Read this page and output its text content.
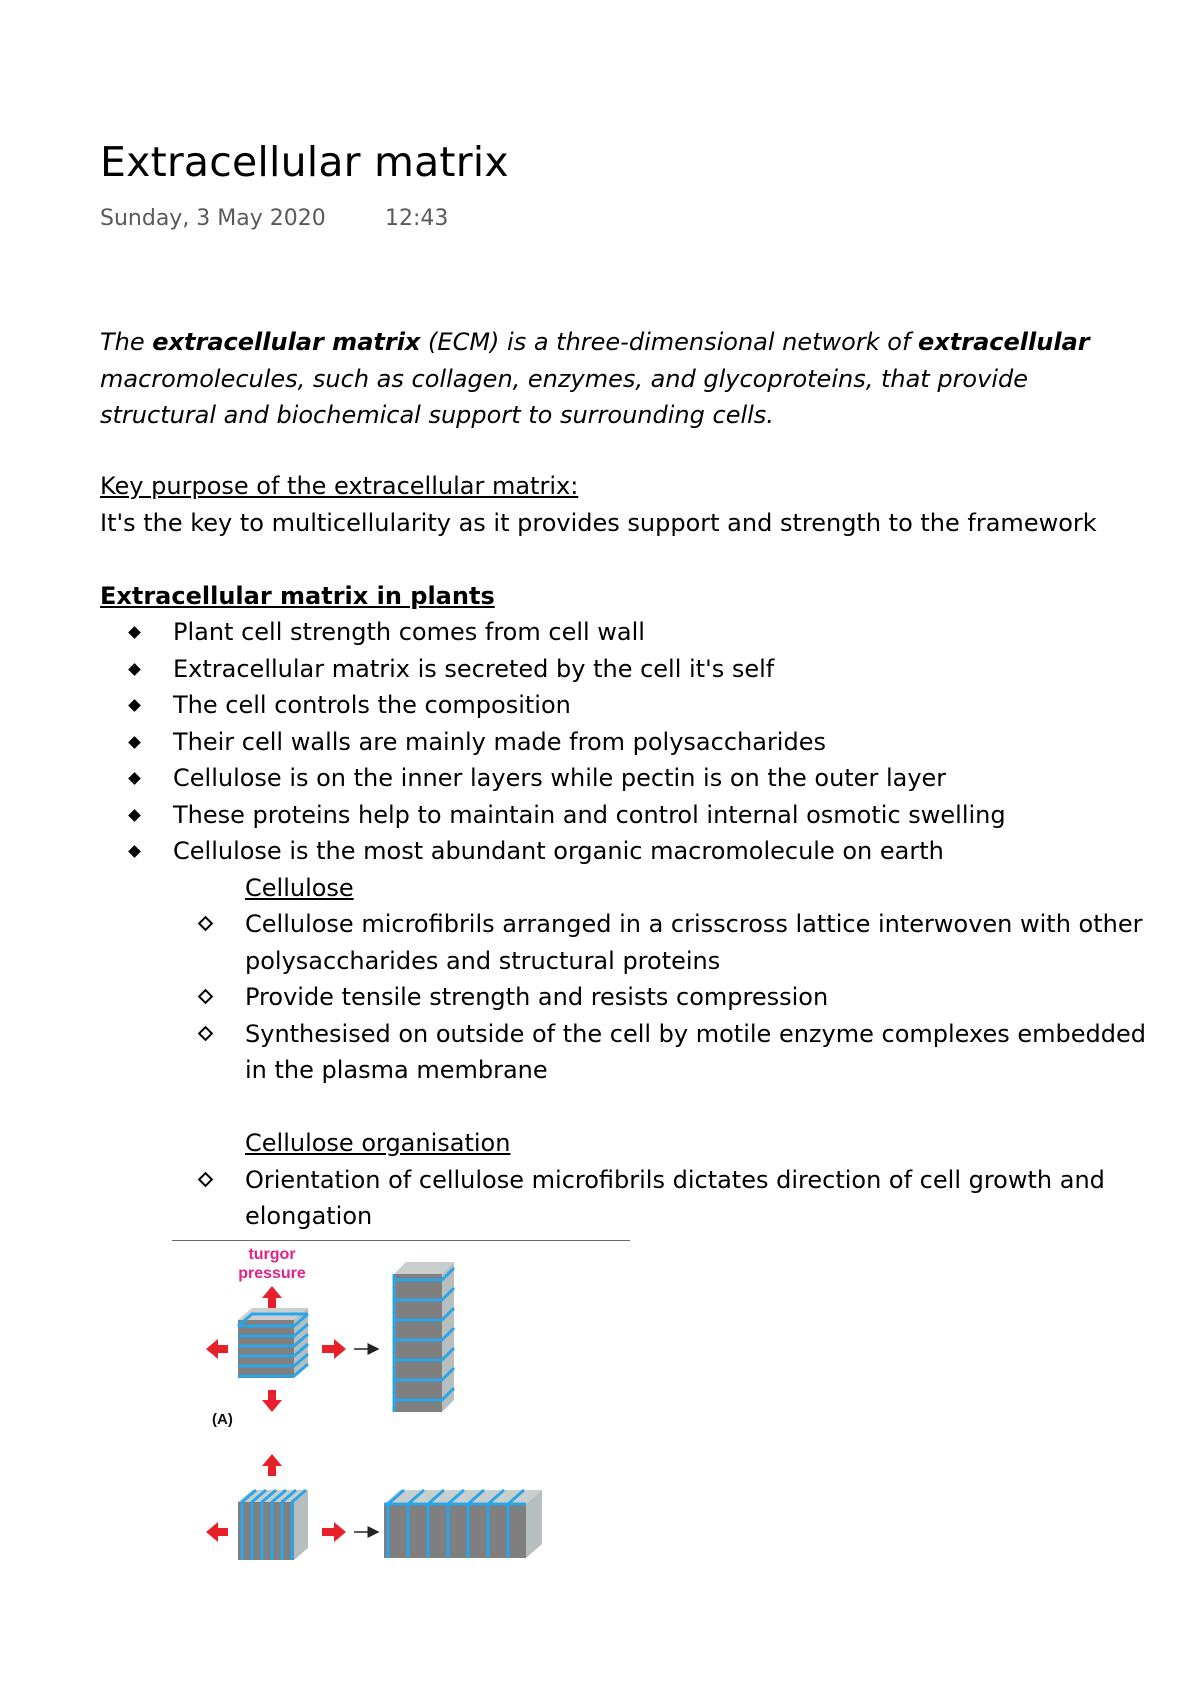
Extracellular matrix
Sunday, 3 May 2020	12:43

The extracellular matrix (ECM) is a three-dimensional network of extracellular macromolecules, such as collagen, enzymes, and glycoproteins, that provide structural and biochemical support to surrounding cells.

Key purpose of the extracellular matrix:

It's the key to multicellularity as it provides support and strength to the framework

Extracellular matrix in plants

Plant cell strength comes from cell wall
Extracellular matrix is secreted by the cell it's self
The cell controls the composition
Their cell walls are mainly made from polysaccharides
Cellulose is on the inner layers while pectin is on the outer layer
These proteins help to maintain and control internal osmotic swelling
Cellulose is the most abundant organic macromolecule on earth

Cellulose

Cellulose microfibrils arranged in a crisscross lattice interwoven with other polysaccharides and structural proteins
Provide tensile strength and resists compression
Synthesised on outside of the cell by motile enzyme complexes embedded in the plasma membrane

Cellulose organisation

Orientation of cellulose microfibrils dictates direction of cell growth and elongation
turgor
pressure
(A)
